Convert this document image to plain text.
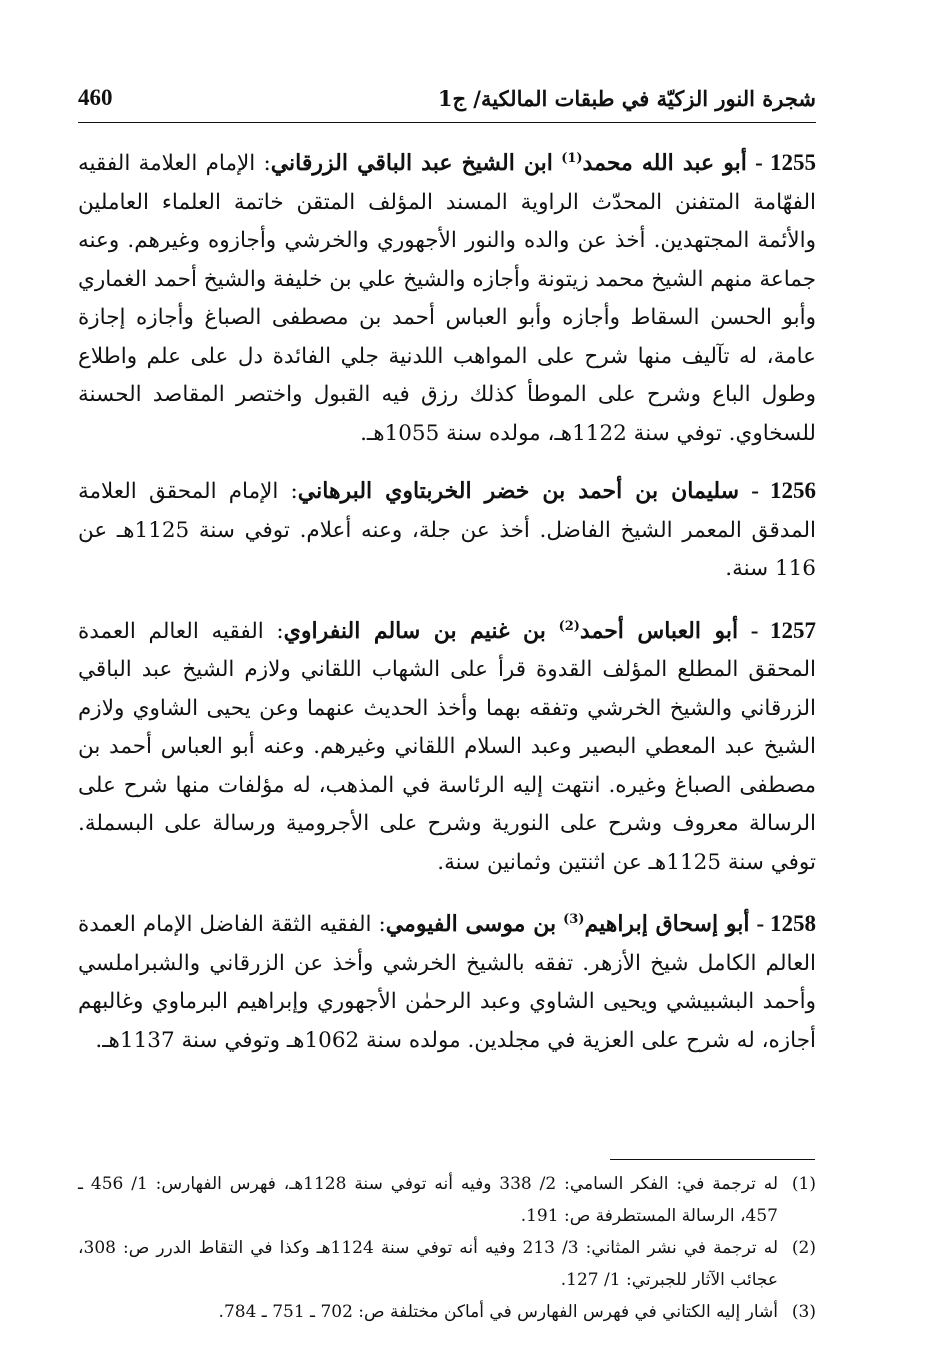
460	شجرة النور الزكيّة في طبقات المالكية/ ج1

1255 - أبو عبد الله محمد$^{(1)}$ ابن الشيخ عبد الباقي الزرقاني: الإمام العلامة الفقيه الفهّامة المتفنن المحدّث الراوية المسند المؤلف المتقن خاتمة العلماء العاملين والأئمة المجتهدين. أخذ عن والده والنور الأجهوري والخرشي وأجازوه وغيرهم. وعنه جماعة منهم الشيخ محمد زيتونة وأجازه والشيخ علي بن خليفة والشيخ أحمد الغماري وأبو الحسن السقاط وأجازه وأبو العباس أحمد بن مصطفى الصباغ وأجازه إجازة عامة، له تآليف منها شرح على المواهب اللدنية جلي الفائدة دل على علم واطلاع وطول الباع وشرح على الموطأ كذلك رزق فيه القبول واختصر المقاصد الحسنة للسخاوي. توفي سنة 1122هـ، مولده سنة 1055هـ.

1256 - سليمان بن أحمد بن خضر الخربتاوي البرهاني: الإمام المحقق العلامة المدقق المعمر الشيخ الفاضل. أخذ عن جلة، وعنه أعلام. توفي سنة 1125هـ عن 116 سنة.

1257 - أبو العباس أحمد$^{(2)}$ بن غنيم بن سالم النفراوي: الفقيه العالم العمدة المحقق المطلع المؤلف القدوة قرأ على الشهاب اللقاني ولازم الشيخ عبد الباقي الزرقاني والشيخ الخرشي وتفقه بهما وأخذ الحديث عنهما وعن يحيى الشاوي ولازم الشيخ عبد المعطي البصير وعبد السلام اللقاني وغيرهم. وعنه أبو العباس أحمد بن مصطفى الصباغ وغيره. انتهت إليه الرئاسة في المذهب، له مؤلفات منها شرح على الرسالة معروف وشرح على النورية وشرح على الأجرومية ورسالة على البسملة. توفي سنة 1125هـ عن اثنتين وثمانين سنة.

1258 - أبو إسحاق إبراهيم$^{(3)}$ بن موسى الفيومي: الفقيه الثقة الفاضل الإمام العمدة العالم الكامل شيخ الأزهر. تفقه بالشيخ الخرشي وأخذ عن الزرقاني والشبراملسي وأحمد البشبيشي ويحيى الشاوي وعبد الرحمٰن الأجهوري وإبراهيم البرماوي وغالبهم أجازه، له شرح على العزية في مجلدين. مولده سنة 1062هـ وتوفي سنة 1137هـ.

(1)
له ترجمة في: الفكر السامي: 2/ 338 وفيه أنه توفي سنة 1128هـ، فهرس الفهارس: 1/ 456 ـ 457، الرسالة المستطرفة ص: 191.
(2)
له ترجمة في نشر المثاني: 3/ 213 وفيه أنه توفي سنة 1124هـ وكذا في التقاط الدرر ص: 308، عجائب الآثار للجبرتي: 1/ 127.
(3)
أشار إليه الكتاني في فهرس الفهارس في أماكن مختلفة ص: 702 ـ 751 ـ 784.
